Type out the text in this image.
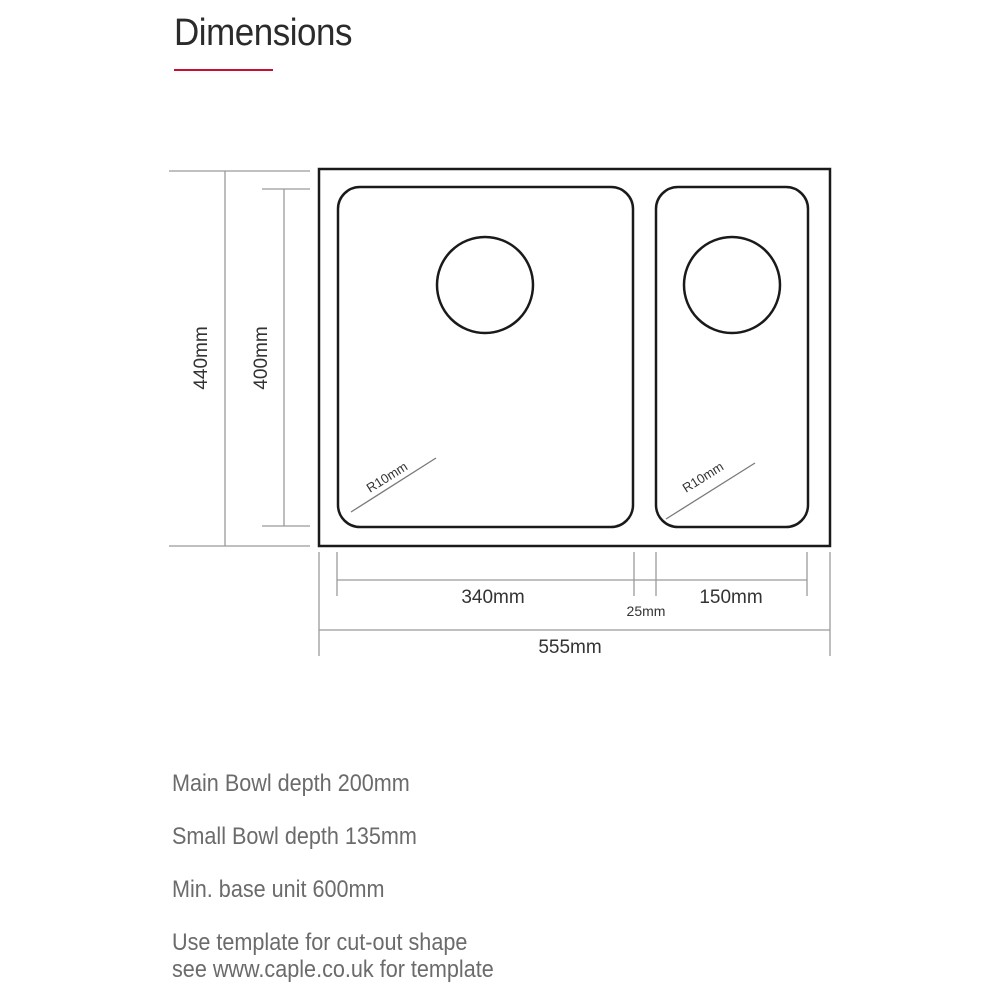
Dimensions
R10mm	R10mm
440mm 400mm
340mm
25mm
150mm
555mm

Main Bowl depth 200mm

Small Bowl depth 135mm

Min. base unit 600mm

Use template for cut-out shape
see www.caple.co.uk for template
